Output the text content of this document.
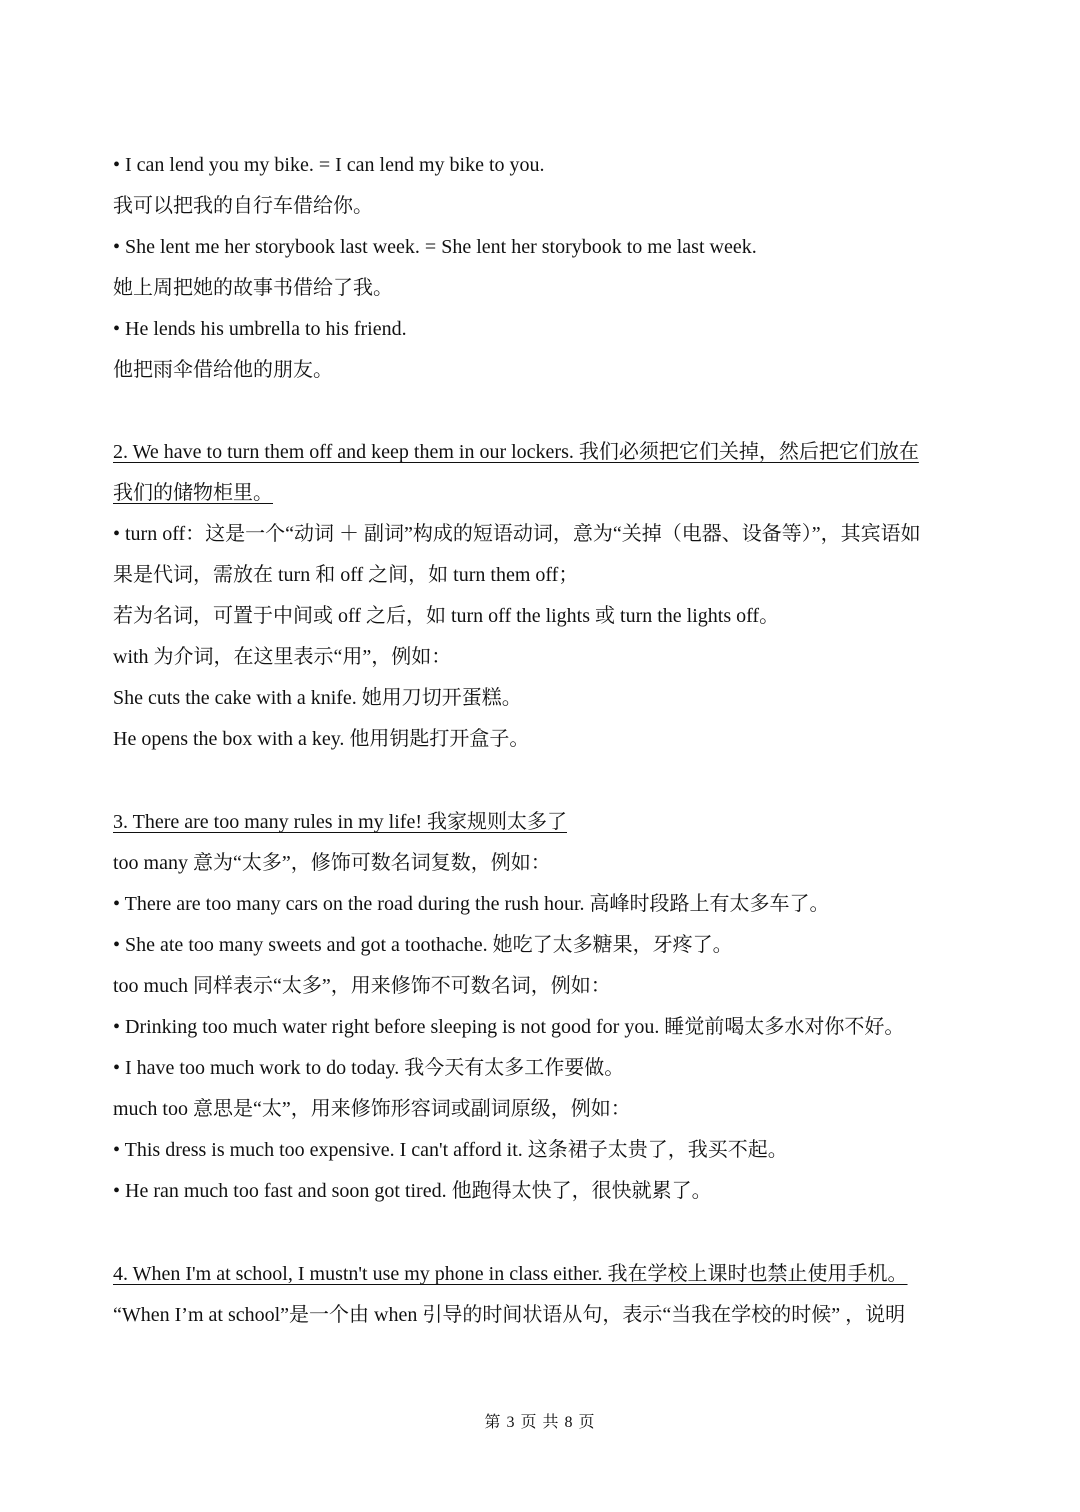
• I can lend you my bike. = I can lend my bike to you.
我可以把我的自行车借给你。
• She lent me her storybook last week. = She lent her storybook to me last week.
她上周把她的故事书借给了我。
• He lends his umbrella to his friend.
他把雨伞借给他的朋友。
2. We have to turn them off and keep them in our lockers. 我们必须把它们关掉，然后把它们放在
我们的储物柜里。
• turn off：这是一个“动词 ＋ 副词”构成的短语动词，意为“关掉（电器、设备等）”，其宾语如
果是代词，需放在 turn 和 off 之间，如 turn them off；
若为名词，可置于中间或 off 之后，如 turn off the lights 或 turn the lights off。
with 为介词，在这里表示“用”，例如：
She cuts the cake with a knife. 她用刀切开蛋糕。
He opens the box with a key. 他用钥匙打开盒子。
3. There are too many rules in my life! 我家规则太多了
too many 意为“太多”，修饰可数名词复数，例如：
• There are too many cars on the road during the rush hour. 高峰时段路上有太多车了。
• She ate too many sweets and got a toothache. 她吃了太多糖果，牙疼了。
too much 同样表示“太多”，用来修饰不可数名词，例如：
• Drinking too much water right before sleeping is not good for you. 睡觉前喝太多水对你不好。
• I have too much work to do today. 我今天有太多工作要做。
much too 意思是“太”，用来修饰形容词或副词原级，例如：
• This dress is much too expensive. I can't afford it. 这条裙子太贵了，我买不起。
• He ran much too fast and soon got tired. 他跑得太快了，很快就累了。
4. When I'm at school, I mustn't use my phone in class either. 我在学校上课时也禁止使用手机。
“When I’m at school”是一个由 when 引导的时间状语从句，表示“当我在学校的时候” ，说明
第 3 页 共 8 页
